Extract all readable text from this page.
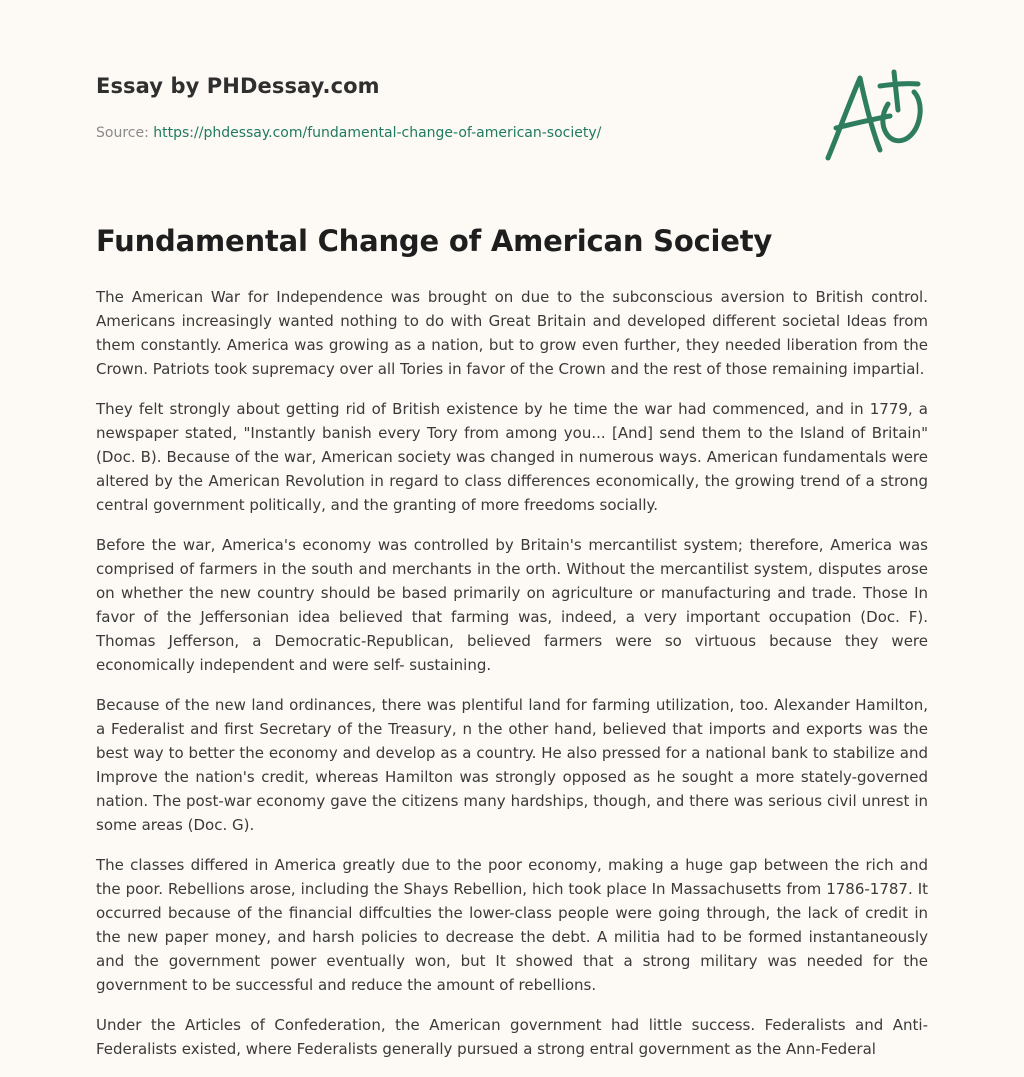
Essay by PHDessay.com
Source: https://phdessay.com/fundamental-change-of-american-society/
Fundamental Change of American Society

The American War for Independence was brought on due to the subconscious aversion to British control. Americans increasingly wanted nothing to do with Great Britain and developed different societal Ideas from them constantly. America was growing as a nation, but to grow even further, they needed liberation from the Crown. Patriots took supremacy over all Tories in favor of the Crown and the rest of those remaining impartial.

They felt strongly about getting rid of British existence by he time the war had commenced, and in 1779, a newspaper stated, "Instantly banish every Tory from among you... [And] send them to the Island of Britain" (Doc. B). Because of the war, American society was changed in numerous ways. American fundamentals were altered by the American Revolution in regard to class differences economically, the growing trend of a strong central government politically, and the granting of more freedoms socially.

Before the war, America's economy was controlled by Britain's mercantilist system; therefore, America was comprised of farmers in the south and merchants in the orth. Without the mercantilist system, disputes arose on whether the new country should be based primarily on agriculture or manufacturing and trade. Those In favor of the Jeffersonian idea believed that farming was, indeed, a very important occupation (Doc. F). Thomas Jefferson, a Democratic-Republican, believed farmers were so virtuous because they were economically independent and were self- sustaining.

Because of the new land ordinances, there was plentiful land for farming utilization, too. Alexander Hamilton, a Federalist and first Secretary of the Treasury, n the other hand, believed that imports and exports was the best way to better the economy and develop as a country. He also pressed for a national bank to stabilize and Improve the nation's credit, whereas Hamilton was strongly opposed as he sought a more stately-governed nation. The post-war economy gave the citizens many hardships, though, and there was serious civil unrest in some areas (Doc. G).

The classes differed in America greatly due to the poor economy, making a huge gap between the rich and the poor. Rebellions arose, including the Shays Rebellion, hich took place In Massachusetts from 1786-1787. It occurred because of the financial diffculties the lower-class people were going through, the lack of credit in the new paper money, and harsh policies to decrease the debt. A militia had to be formed instantaneously and the government power eventually won, but It showed that a strong military was needed for the government to be successful and reduce the amount of rebellions.

Under the Articles of Confederation, the American government had little success. Federalists and Anti-Federalists existed, where Federalists generally pursued a strong entral government as the Ann-Federal
